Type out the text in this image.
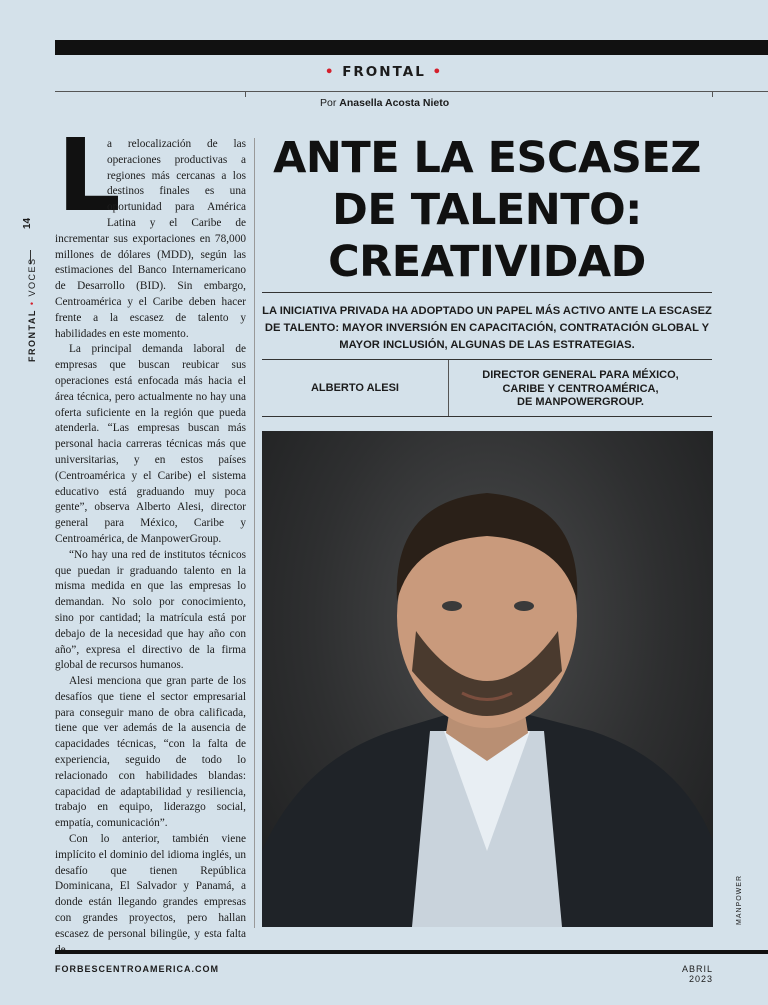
• FRONTAL •
Por Anasella Acosta Nieto
14
FRONTAL • VOCES
L

a relocalización de las operaciones productivas a regiones más cercanas a los destinos finales es una oportunidad para América Latina y el Caribe de incrementar sus exportaciones en 78,000 millones de dólares (MDD), según las estimaciones del Banco Internamericano de Desarrollo (BID). Sin embargo, Centroamérica y el Caribe deben hacer frente a la escasez de talento y habilidades en este momento.

La principal demanda laboral de empresas que buscan reubicar sus operaciones está enfocada más hacia el área técnica, pero actualmente no hay una oferta suficiente en la región que pueda atenderla. “Las empresas buscan más personal hacia carreras técnicas más que universitarias, y en estos países (Centroamérica y el Caribe) el sistema educativo está graduando muy poca gente”, observa Alberto Alesi, director general para México, Caribe y Centroamérica, de ManpowerGroup.

“No hay una red de institutos técnicos que puedan ir graduando talento en la misma medida en que las empresas lo demandan. No solo por conocimiento, sino por cantidad; la matrícula está por debajo de la necesidad que hay año con año”, expresa el directivo de la firma global de recursos humanos.

Alesi menciona que gran parte de los desafíos que tiene el sector empresarial para conseguir mano de obra calificada, tiene que ver además de la ausencia de capacidades técnicas, “con la falta de experiencia, seguido de todo lo relacionado con habilidades blandas: capacidad de adaptabilidad y resiliencia, trabajo en equipo, liderazgo social, empatía, comunicación”.

Con lo anterior, también viene implícito el dominio del idioma inglés, un desafío que tienen República Dominicana, El Salvador y Panamá, a donde están llegando grandes empresas con grandes proyectos, pero hallan escasez de personal bilingüe, y esta falta

ANTE LA ESCASEZ
DE TALENTO:
CREATIVIDAD
LA INICIATIVA PRIVADA HA ADOPTADO UN PAPEL MÁS ACTIVO ANTE LA ESCASEZ DE TALENTO: MAYOR INVERSIÓN EN CAPACITACIÓN, CONTRATACIÓN GLOBAL Y MAYOR INCLUSIÓN, ALGUNAS DE LAS ESTRATEGIAS.
ALBERTO ALESI
DIRECTOR GENERAL PARA MÉXICO,
CARIBE Y CENTROAMÉRICA,
DE MANPOWERGROUP.
MANPOWER
FORBESCENTROAMERICA.COM	ABRIL 2023
